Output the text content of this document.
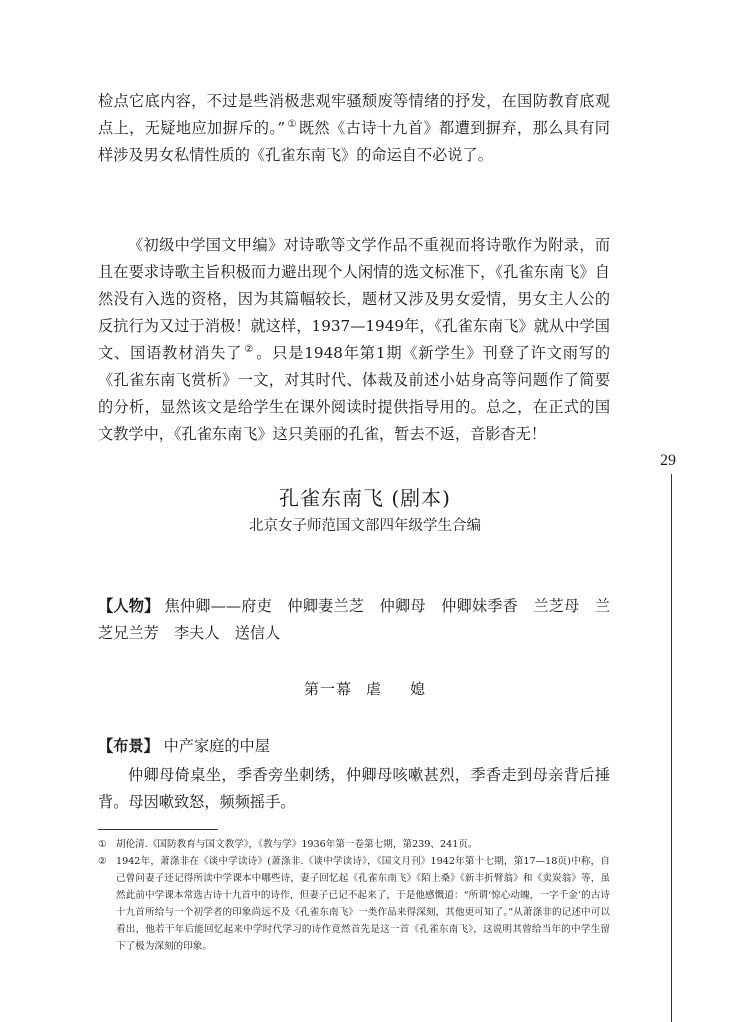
29

检点它底内容，不过是些消极悲观牢骚颓废等情绪的抒发，在国防教育底观点上，无疑地应加摒斥的。” ① 既然《古诗十九首》都遭到摒弃，那么具有同样涉及男女私情性质的《孔雀东南飞》的命运自不必说了。

《初级中学国文甲编》对诗歌等文学作品不重视而将诗歌作为附录，而且在要求诗歌主旨积极而力避出现个人闲情的选文标准下，《孔雀东南飞》自然没有入选的资格，因为其篇幅较长，题材又涉及男女爱情，男女主人公的反抗行为又过于消极！就这样，1937—1949年，《孔雀东南飞》就从中学国文、国语教材消失了 ② 。只是1948年第1期《新学生》刊登了许文雨写的《孔雀东南飞赏析》一文，对其时代、体裁及前述小姑身高等问题作了简要的分析，显然该文是给学生在课外阅读时提供指导用的。总之，在正式的国文教学中，《孔雀东南飞》这只美丽的孔雀，暂去不返，音影杳无！

孔雀东南飞 (剧本)
北京女子师范国文部四年级学生合编

【人物】 焦仲卿——府吏　仲卿妻兰芝　仲卿母　仲卿妹季香　兰芝母　兰芝兄兰芳　李夫人　送信人

第一幕 虐 媳

【布景】 中产家庭的中屋

仲卿母倚桌坐，季香旁坐刺绣，仲卿母咳嗽甚烈，季香走到母亲背后捶背。母因嗽致怒，频频摇手。

① 胡伦清.《国防教育与国文教学》，《教与学》1936年第一卷第七期，第239、241页。

② 1942年，萧涤非在《谈中学读诗》(萧涤非.《谈中学读诗》，《国文月刊》1942年第十七期，第17—18页)中称，自己曾问妻子还记得所读中学课本中哪些诗，妻子回忆起《孔雀东南飞》《陌上桑》《新丰折臂翁》和《卖炭翁》等，虽然此前中学课本常选古诗十九首中的诗作，但妻子已记不起来了，于是他感慨道：“所谓‘惊心动魄，一字千金’的古诗十九首所给与一个初学者的印象尚远不及《孔雀东南飞》一类作品来得深刻，其他更可知了。”从萧涤非的记述中可以看出，他若干年后能回忆起来中学时代学习的诗作竟然首先是这一首《孔雀东南飞》，这说明其曾给当年的中学生留下了极为深刻的印象。
